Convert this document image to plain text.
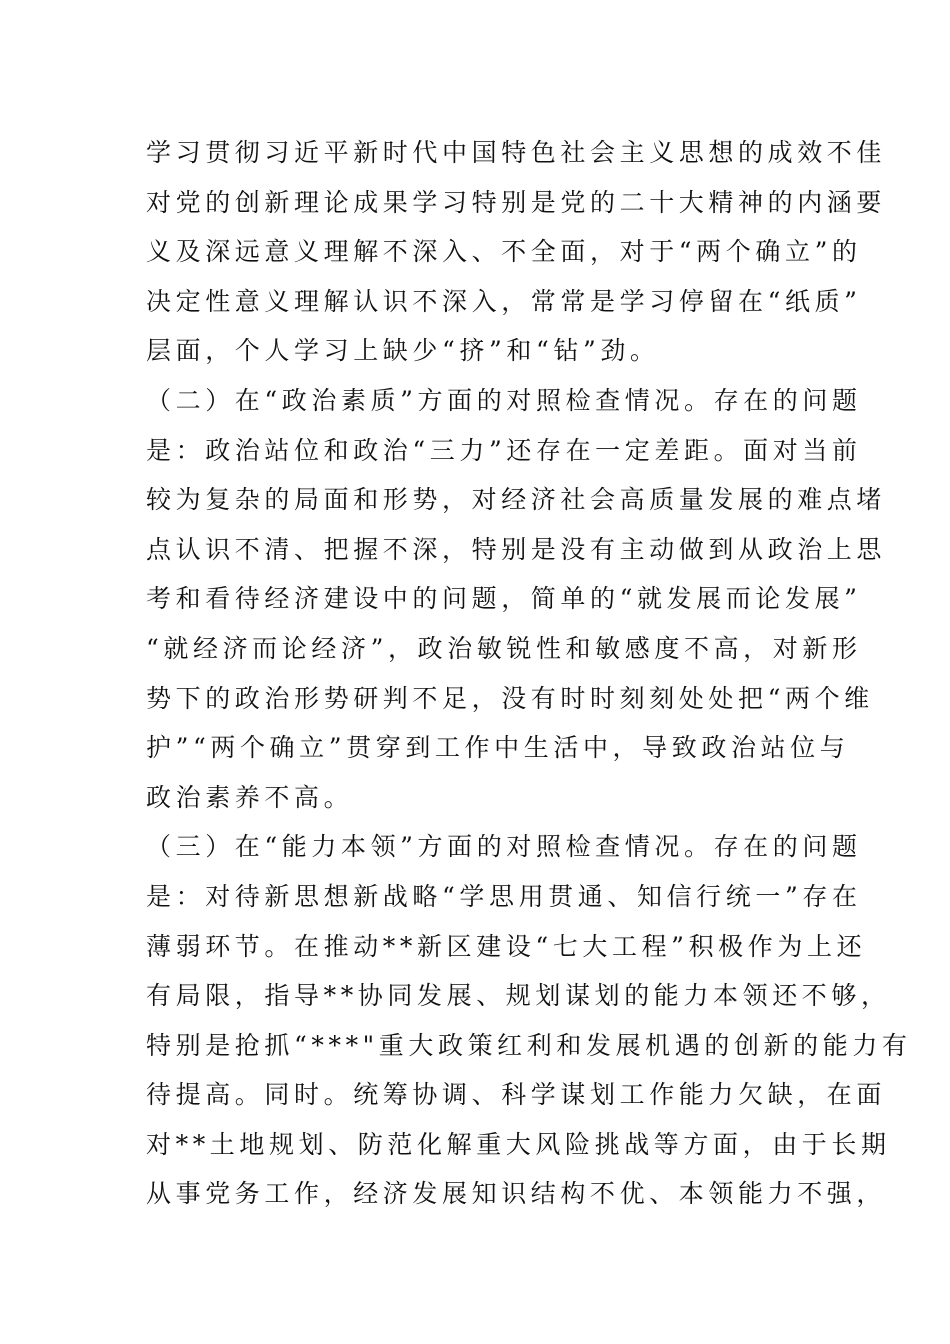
学习贯彻习近平新时代中国特色社会主义思想的成效不佳
对党的创新理论成果学习特别是党的二十大精神的内涵要
义及深远意义理解不深入、不全面，对于“两个确立”的
决定性意义理解认识不深入，常常是学习停留在“纸质”
层面，个人学习上缺少“挤”和“钻”劲。
（二）在“政治素质”方面的对照检查情况。存在的问题
是：政治站位和政治“三力”还存在一定差距。面对当前
较为复杂的局面和形势，对经济社会高质量发展的难点堵
点认识不清、把握不深，特别是没有主动做到从政治上思
考和看待经济建设中的问题，简单的“就发展而论发展”
“就经济而论经济”，政治敏锐性和敏感度不高，对新形
势下的政治形势研判不足，没有时时刻刻处处把“两个维
护”“两个确立”贯穿到工作中生活中，导致政治站位与
政治素养不高。
（三）在“能力本领”方面的对照检查情况。存在的问题
是：对待新思想新战略“学思用贯通、知信行统一”存在
薄弱环节。在推动**新区建设“七大工程”积极作为上还
有局限，指导**协同发展、规划谋划的能力本领还不够，
特别是抢抓“***"重大政策红利和发展机遇的创新的能力有
待提高。同时。统筹协调、科学谋划工作能力欠缺，在面
对**土地规划、防范化解重大风险挑战等方面，由于长期
从事党务工作，经济发展知识结构不优、本领能力不强，
